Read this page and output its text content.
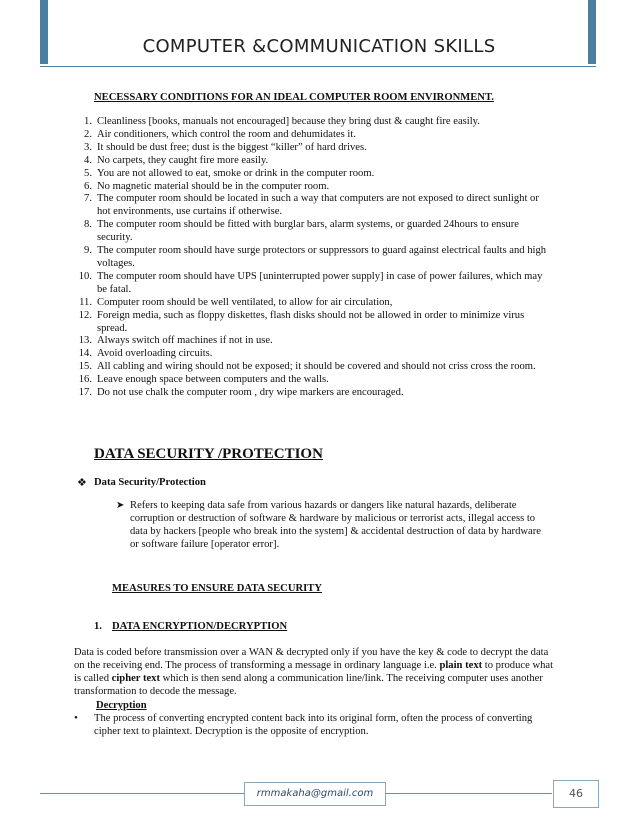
COMPUTER &COMMUNICATION SKILLS
NECESSARY CONDITIONS FOR AN IDEAL COMPUTER ROOM ENVIRONMENT.
1. Cleanliness [books, manuals not encouraged] because they bring dust & caught fire easily.
2. Air conditioners, which control the room and dehumidates it.
3. It should be dust free; dust is the biggest “killer” of hard drives.
4. No carpets, they caught fire more easily.
5. You are not allowed to eat, smoke or drink in the computer room.
6. No magnetic material should be in the computer room.
7. The computer room should be located in such a way that computers are not exposed to direct sunlight or hot environments, use curtains if otherwise.
8. The computer room should be fitted with burglar bars, alarm systems, or guarded 24hours to ensure security.
9. The computer room should have surge protectors or suppressors to guard against electrical faults and high voltages.
10. The computer room should have UPS [uninterrupted power supply] in case of power failures, which may be fatal.
11. Computer room should be well ventilated, to allow for air circulation,
12. Foreign media, such as floppy diskettes, flash disks should not be allowed in order to minimize virus spread.
13. Always switch off machines if not in use.
14. Avoid overloading circuits.
15. All cabling and wiring should not be exposed; it should be covered and should not criss cross the room.
16. Leave enough space between computers and the walls.
17. Do not use chalk the computer room , dry wipe markers are encouraged.
DATA SECURITY /PROTECTION
❖ Data Security/Protection
➤ Refers to keeping data safe from various hazards or dangers like natural hazards, deliberate corruption or destruction of software & hardware by malicious or terrorist acts, illegal access to data by hackers [people who break into the system] & accidental destruction of data by hardware or software failure [operator error].
MEASURES TO ENSURE DATA SECURITY
1. DATA ENCRYPTION/DECRYPTION
Data is coded before transmission over a WAN & decrypted only if you have the key & code to decrypt the data on the receiving end. The process of transforming a message in ordinary language i.e. plain text to produce what is called cipher text which is then send along a communication line/link. The receiving computer uses another transformation to decode the message.
Decryption
• The process of converting encrypted content back into its original form, often the process of converting cipher text to plaintext. Decryption is the opposite of encryption.
rmmakaha@gmail.com	46
